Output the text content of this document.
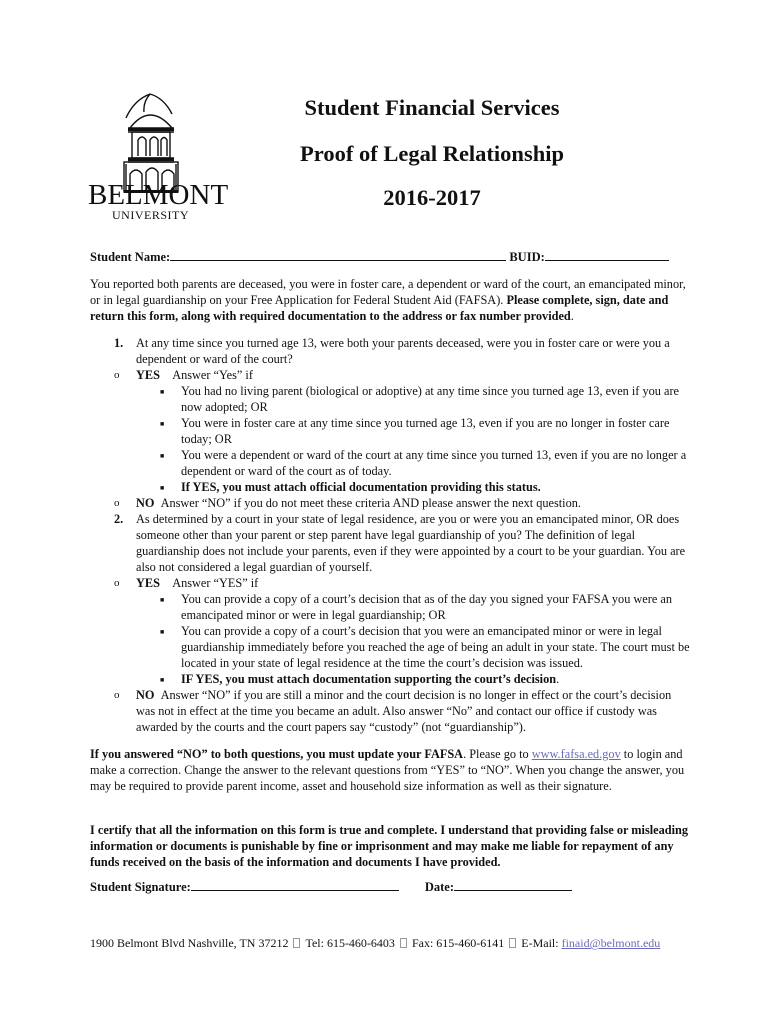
BELMONT
UNIVERSITY
Student Financial Services
Proof of Legal Relationship
2016-2017
Student Name:	BUID:

You reported both parents are deceased, you were in foster care, a dependent or ward of the court, an emancipated minor, or in legal guardianship on your Free Application for Federal Student Aid (FAFSA). Please complete, sign, date and return this form, along with required documentation to the address or fax number provided.

1.	At any time since you turned age 13, were both your parents deceased, were you in foster care or were you a dependent or ward of the court?
o	YES Answer “Yes” if
■	You had no living parent (biological or adoptive) at any time since you turned age 13, even if you are now adopted; OR
■	You were in foster care at any time since you turned age 13, even if you are no longer in foster care today; OR
■	You were a dependent or ward of the court at any time since you turned 13, even if you are no longer a dependent or ward of the court as of today.
■	If YES, you must attach official documentation providing this status.
o	NO Answer “NO” if you do not meet these criteria AND please answer the next question.
2.	As determined by a court in your state of legal residence, are you or were you an emancipated minor, OR does someone other than your parent or step parent have legal guardianship of you? The definition of legal guardianship does not include your parents, even if they were appointed by a court to be your guardian. You are also not considered a legal guardian of yourself.
o	YES Answer “YES” if
■	You can provide a copy of a court’s decision that as of the day you signed your FAFSA you were an emancipated minor or were in legal guardianship; OR
■	You can provide a copy of a court’s decision that you were an emancipated minor or were in legal guardianship immediately before you reached the age of being an adult in your state. The court must be located in your state of legal residence at the time the court’s decision was issued.
■	IF YES, you must attach documentation supporting the court’s decision.
o	NO Answer “NO” if you are still a minor and the court decision is no longer in effect or the court’s decision was not in effect at the time you became an adult. Also answer “No” and contact our office if custody was awarded by the courts and the court papers say “custody” (not “guardianship”).

If you answered “NO” to both questions, you must update your FAFSA. Please go to www.fafsa.ed.gov to login and make a correction. Change the answer to the relevant questions from “YES” to “NO”. When you change the answer, you may be required to provide parent income, asset and household size information as well as their signature.

I certify that all the information on this form is true and complete. I understand that providing false or misleading information or documents is punishable by fine or imprisonment and may make me liable for repayment of any funds received on the basis of the information and documents I have provided.

Student Signature:	Date:
1900 Belmont Blvd Nashville, TN 37212 Tel: 615-460-6403 Fax: 615-460-6141 E-Mail: finaid@belmont.edu
